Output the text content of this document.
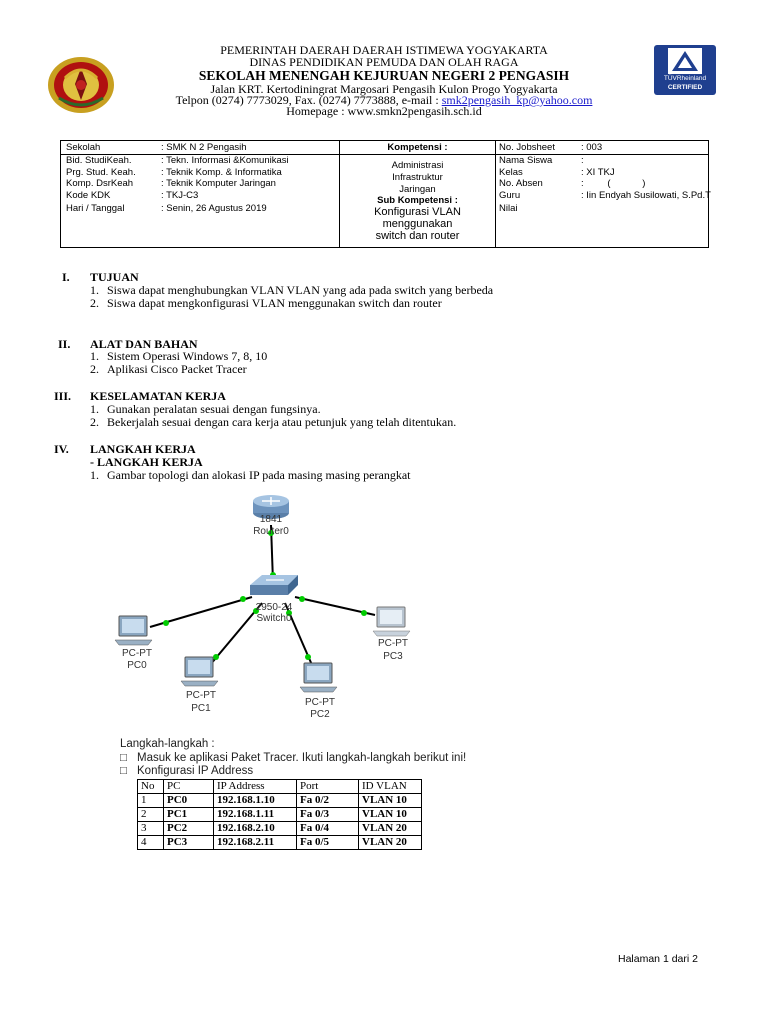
PEMERINTAH DAERAH DAERAH ISTIMEWA YOGYAKARTA
DINAS PENDIDIKAN PEMUDA DAN OLAH RAGA
SEKOLAH MENENGAH KEJURUAN NEGERI 2 PENGASIH
Jalan KRT. Kertodiningrat Margosari Pengasih Kulon Progo Yogyakarta
Telpon (0274) 7773029, Fax. (0274) 7773888, e-mail : smk2pengasih_kp@yahoo.com
Homepage : www.smkn2pengasih.sch.id
TÜVRheinland
CERTIFIED
Sekolah	: SMK N 2 Pengasih	Kompetensi :	No. Jobsheet	: 003
Bid. StudiKeah.	: Tekn. Informasi &Komunikasi
Prg. Stud. Keah.	: Teknik Komp. & Informatika
Komp. DsrKeah	: Teknik Komputer Jaringan
Kode KDK	: TKJ-C3
Hari / Tanggal	: Senin, 26 Agustus 2019
Administrasi
Infrastruktur
Jaringan
Sub Kompetensi :
Konfigurasi VLAN
menggunakan
switch dan router
Nama Siswa	:
Kelas	: XI TKJ
No. Absen	:         (            )
Guru	: Iin Endyah Susilowati, S.Pd.T
Nilai
I. TUJUAN
1. Siswa dapat menghubungkan VLAN VLAN yang ada pada switch yang berbeda
2. Siswa dapat mengkonfigurasi VLAN menggunakan switch dan router
II. ALAT DAN BAHAN
1. Sistem Operasi Windows 7, 8, 10
2. Aplikasi Cisco Packet Tracer
III. KESELAMATAN KERJA
1. Gunakan peralatan sesuai dengan fungsinya.
2. Bekerjalah sesuai dengan cara kerja atau petunjuk yang telah ditentukan.
IV. LANGKAH KERJA
- LANGKAH KERJA
1. Gambar topologi dan alokasi IP pada masing masing perangkat
1841
Router0
2950-24
Switch0
PC-PT
PC0
PC-PT
PC1
PC-PT
PC2
PC-PT
PC3
Langkah-langkah :
□ Masuk ke aplikasi Paket Tracer. Ikuti langkah-langkah berikut ini!
□ Konfigurasi IP Address
No	PC	IP Address	Port	ID VLAN
1	PC0	192.168.1.10	Fa 0/2	VLAN 10
2	PC1	192.168.1.11	Fa 0/3	VLAN 10
3	PC2	192.168.2.10	Fa 0/4	VLAN 20
4	PC3	192.168.2.11	Fa 0/5	VLAN 20
Halaman 1 dari 2
